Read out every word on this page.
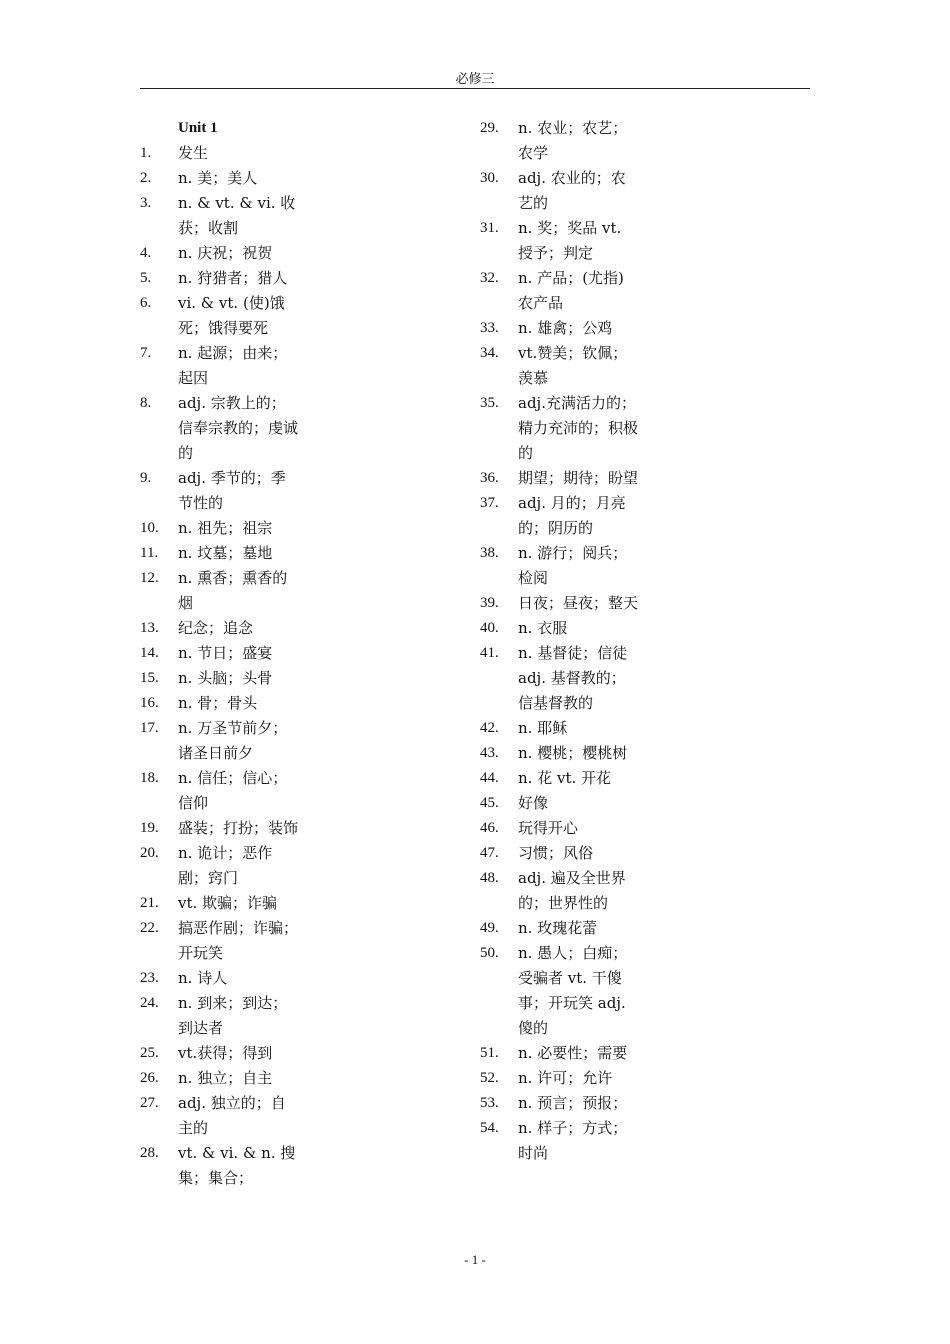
必修三
Unit 1
1.	发生
2.	n. 美；美人
3.	n. & vt. & vi. 收获；收割
4.	n. 庆祝；祝贺
5.	n. 狩猎者；猎人
6.	vi. & vt. (使)饿死；饿得要死
7.	n. 起源；由来；起因
8.	adj. 宗教上的；信奉宗教的；虔诚的
9.	adj. 季节的；季节性的
10.	n. 祖先；祖宗
11.	n. 坟墓；墓地
12.	n. 熏香；熏香的烟
13.	纪念；追念
14.	n. 节日；盛宴
15.	n. 头脑；头骨
16.	n. 骨；骨头
17.	n. 万圣节前夕；诸圣日前夕
18.	n. 信任；信心；信仰
19.	盛装；打扮；装饰
20.	n. 诡计；恶作剧；窍门
21.	vt. 欺骗；诈骗
22.	搞恶作剧；诈骗；开玩笑
23.	n. 诗人
24.	n. 到来；到达；到达者
25.	vt.获得；得到
26.	n. 独立；自主
27.	adj. 独立的；自主的
28.	vt. & vi. & n. 搜集；集合；
29.	n. 农业；农艺；农学
30.	adj. 农业的；农艺的
31.	n. 奖；奖品 vt. 授予；判定
32.	n. 产品；(尤指)农产品
33.	n. 雄禽；公鸡
34.	vt.赞美；钦佩；羡慕
35.	adj.充满活力的；精力充沛的；积极的
36.	期望；期待；盼望
37.	adj. 月的；月亮的；阴历的
38.	n. 游行；阅兵；检阅
39.	日夜；昼夜；整天
40.	n. 衣服
41.	n. 基督徒；信徒 adj. 基督教的；信基督教的
42.	n. 耶稣
43.	n. 樱桃；樱桃树
44.	n. 花 vt. 开花
45.	好像
46.	玩得开心
47.	习惯；风俗
48.	adj. 遍及全世界的；世界性的
49.	n. 玫瑰花蕾
50.	n. 愚人；白痴；受骗者 vt. 干傻事；开玩笑 adj. 傻的
51.	n. 必要性；需要
52.	n. 许可；允许
53.	n. 预言；预报；
54.	n. 样子；方式；时尚
- 1 -
